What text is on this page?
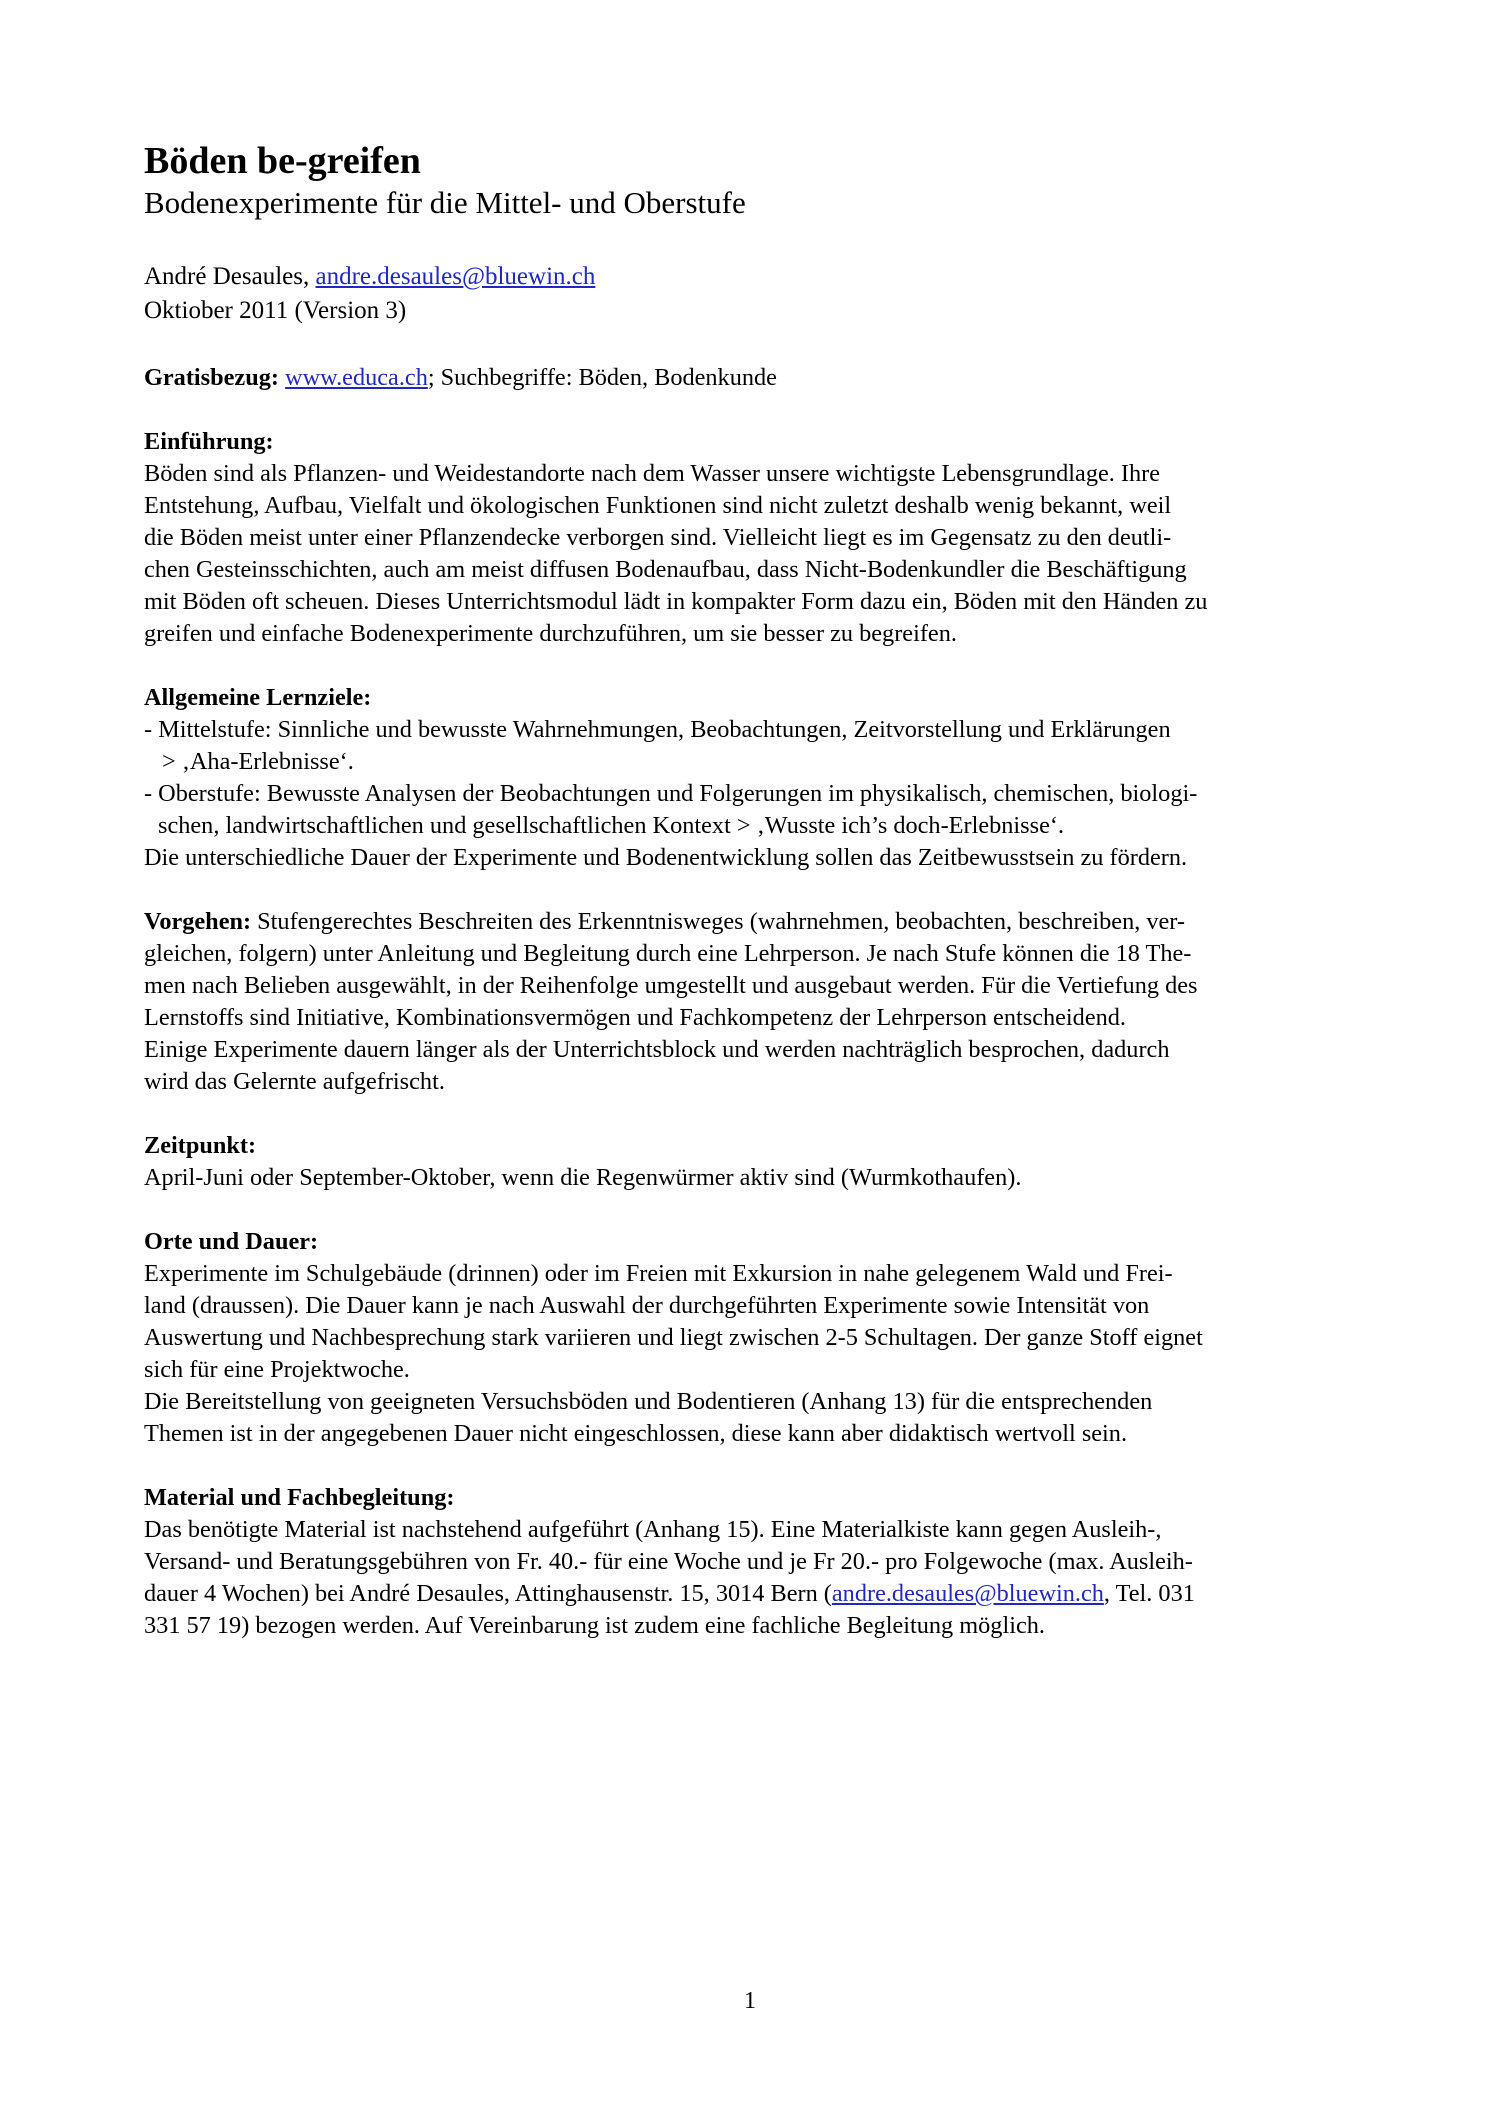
Böden be-greifen
Bodenexperimente für die Mittel- und Oberstufe
André Desaules, andre.desaules@bluewin.ch
Oktiober 2011 (Version 3)
Gratisbezug: www.educa.ch; Suchbegriffe: Böden, Bodenkunde
Einführung:
Böden sind als Pflanzen- und Weidestandorte nach dem Wasser unsere wichtigste Lebensgrundlage. Ihre
Entstehung, Aufbau, Vielfalt und ökologischen Funktionen sind nicht zuletzt deshalb wenig bekannt, weil
die Böden meist unter einer Pflanzendecke verborgen sind. Vielleicht liegt es im Gegensatz zu den deutli-
chen Gesteinsschichten, auch am meist diffusen Bodenaufbau, dass Nicht-Bodenkundler die Beschäftigung
mit Böden oft scheuen. Dieses Unterrichtsmodul lädt in kompakter Form dazu ein, Böden mit den Händen zu
greifen und einfache Bodenexperimente durchzuführen, um sie besser zu begreifen.
Allgemeine Lernziele:
- Mittelstufe: Sinnliche und bewusste Wahrnehmungen, Beobachtungen, Zeitvorstellung und Erklärungen
> ‚Aha-Erlebnisse‘.
- Oberstufe: Bewusste Analysen der Beobachtungen und Folgerungen im physikalisch, chemischen, biologi-
schen, landwirtschaftlichen und gesellschaftlichen Kontext > ‚Wusste ich’s doch-Erlebnisse‘.
Die unterschiedliche Dauer der Experimente und Bodenentwicklung sollen das Zeitbewusstsein zu fördern.
Vorgehen: Stufengerechtes Beschreiten des Erkenntnisweges (wahrnehmen, beobachten, beschreiben, ver-
gleichen, folgern) unter Anleitung und Begleitung durch eine Lehrperson. Je nach Stufe können die 18 The-
men nach Belieben ausgewählt, in der Reihenfolge umgestellt und ausgebaut werden. Für die Vertiefung des
Lernstoffs sind Initiative, Kombinationsvermögen und Fachkompetenz der Lehrperson entscheidend.
Einige Experimente dauern länger als der Unterrichtsblock und werden nachträglich besprochen, dadurch
wird das Gelernte aufgefrischt.
Zeitpunkt:
April-Juni oder September-Oktober, wenn die Regenwürmer aktiv sind (Wurmkothaufen).
Orte und Dauer:
Experimente im Schulgebäude (drinnen) oder im Freien mit Exkursion in nahe gelegenem Wald und Frei-
land (draussen). Die Dauer kann je nach Auswahl der durchgeführten Experimente sowie Intensität von
Auswertung und Nachbesprechung stark variieren und liegt zwischen 2-5 Schultagen. Der ganze Stoff eignet
sich für eine Projektwoche.
Die Bereitstellung von geeigneten Versuchsböden und Bodentieren (Anhang 13) für die entsprechenden
Themen ist in der angegebenen Dauer nicht eingeschlossen, diese kann aber didaktisch wertvoll sein.
Material und Fachbegleitung:
Das benötigte Material ist nachstehend aufgeführt (Anhang 15). Eine Materialkiste kann gegen Ausleih-,
Versand- und Beratungsgebühren von Fr. 40.- für eine Woche und je Fr 20.- pro Folgewoche (max. Ausleih-
dauer 4 Wochen) bei André Desaules, Attinghausenstr. 15, 3014 Bern (andre.desaules@bluewin.ch, Tel. 031
331 57 19) bezogen werden. Auf Vereinbarung ist zudem eine fachliche Begleitung möglich.
1
